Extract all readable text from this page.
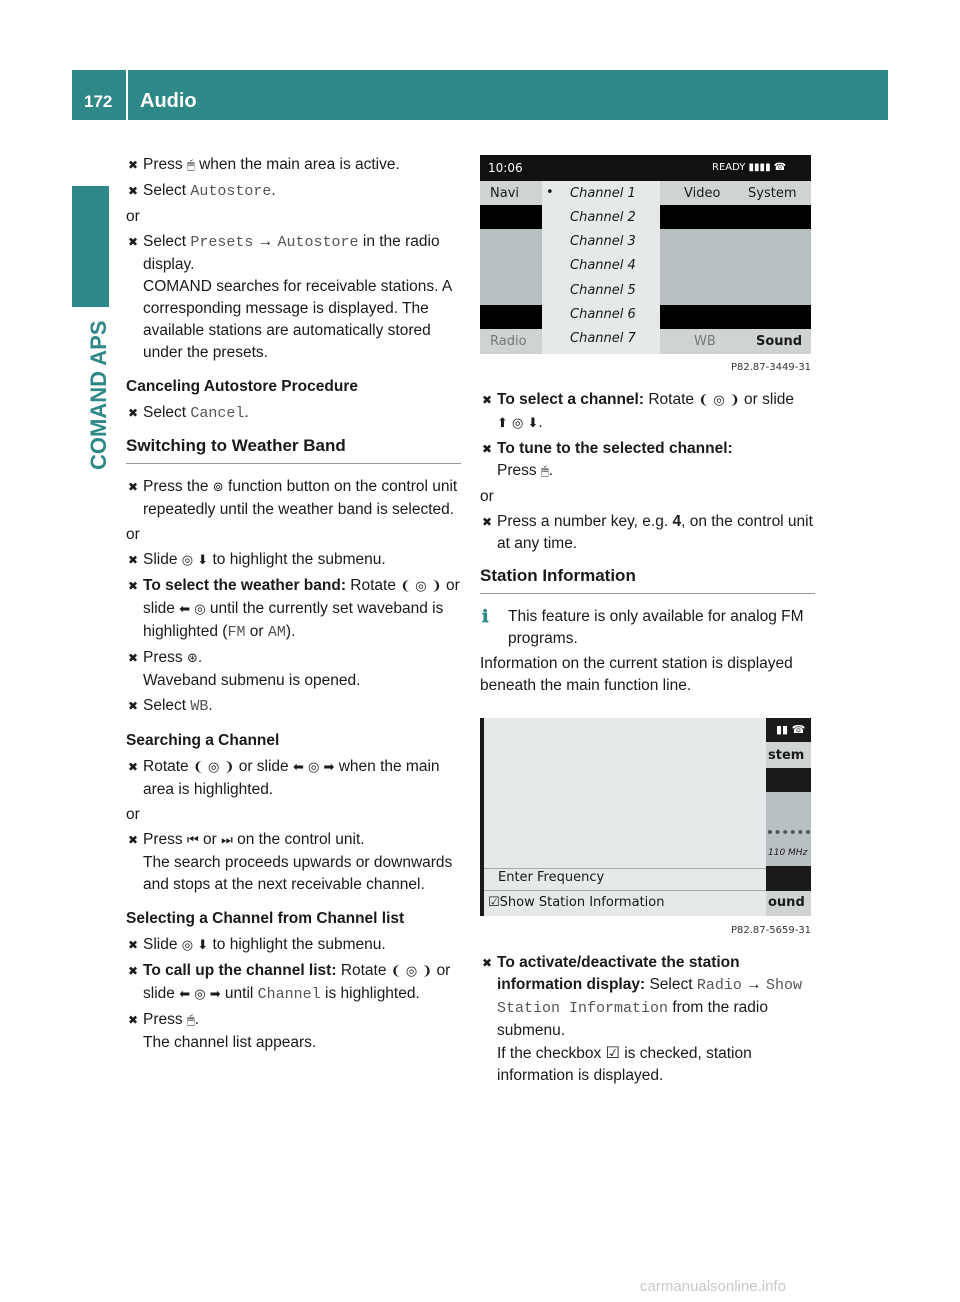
172 Audio
COMAND APS
✖ Press 🖱 when the main area is active.
✖ Select Autostore.
or
✖ Select Presets → Autostore in the radio display.
COMAND searches for receivable stations. A corresponding message is displayed. The available stations are automatically stored under the presets.
Canceling Autostore Procedure
✖ Select Cancel.
Switching to Weather Band
✖ Press the ⊚ function button on the control unit repeatedly until the weather band is selected.
or
✖ Slide ◎ ⬇ to highlight the submenu.
✖ To select the weather band: Rotate ❨ ◎ ❩ or slide ⬅ ◎ until the currently set waveband is highlighted (FM or AM).
✖ Press ⊛.
Waveband submenu is opened.
✖ Select WB.
Searching a Channel
✖ Rotate ❨ ◎ ❩ or slide ⬅ ◎ ➡ when the main area is highlighted.
or
✖ Press ⏮ or ⏭ on the control unit.
The search proceeds upwards or downwards and stops at the next receivable channel.
Selecting a Channel from Channel list
✖ Slide ◎ ⬇ to highlight the submenu.
✖ To call up the channel list: Rotate ❨ ◎ ❩ or slide ⬅ ◎ ➡ until Channel is highlighted.
✖ Press 🖱.
The channel list appears.
10:06	READY ▮▮▮▮ ☎
Navi	Video System
• Channel 1
Channel 2
Channel 3
Channel 4
Channel 5
Channel 6
Channel 7
Radio	WB	Sound
P82.87-3449-31
✖ To select a channel: Rotate ❨ ◎ ❩ or slide
⬆ ◎ ⬇.
✖ To tune to the selected channel:
Press 🖱.
or
✖ Press a number key, e.g. 4, on the control unit at any time.
Station Information
ℹ This feature is only available for analog FM programs.
Information on the current station is displayed beneath the main function line.
▮▮ ☎
stem
110 MHz
Enter Frequency
☑Show Station Information	ound
P82.87-5659-31
✖ To activate/deactivate the station information display: Select Radio → Show Station Information from the radio submenu.
If the checkbox ☑ is checked, station information is displayed.
carmanualsonline.info
